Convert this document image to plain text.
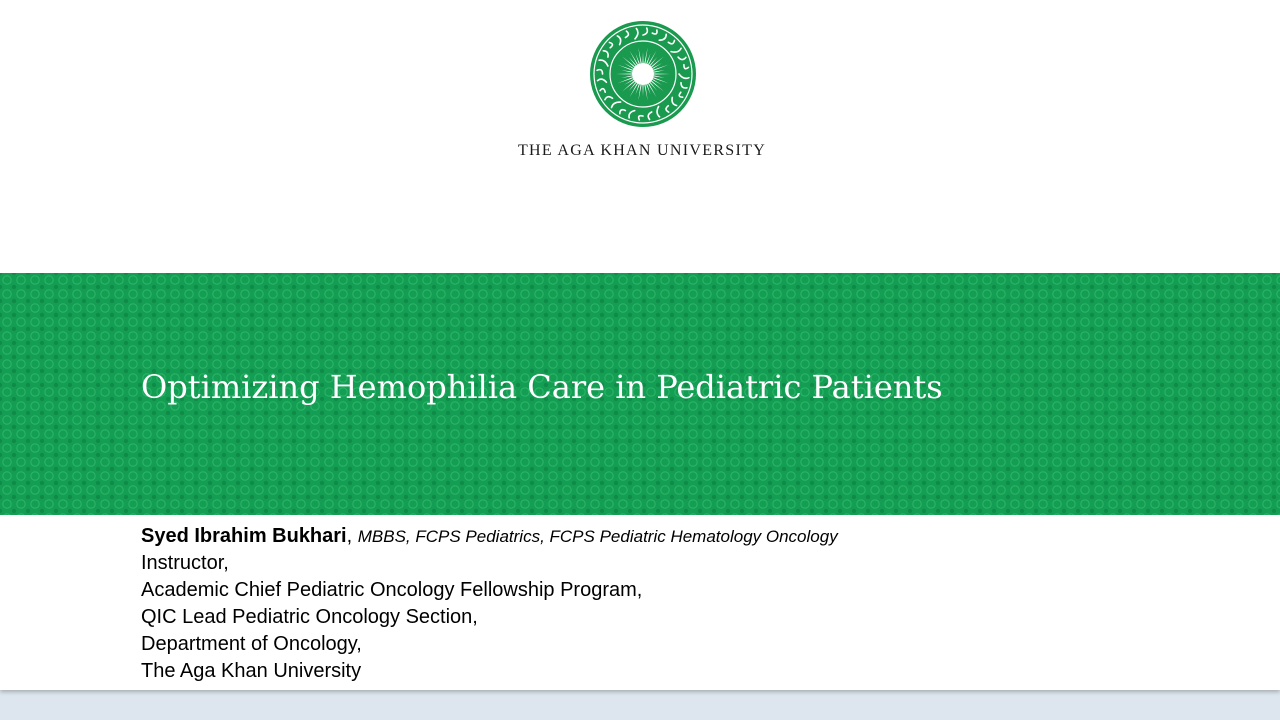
THE AGA KHAN UNIVERSITY
Optimizing Hemophilia Care in Pediatric Patients
Syed Ibrahim Bukhari, MBBS, FCPS Pediatrics, FCPS Pediatric Hematology Oncology
Instructor,
Academic Chief Pediatric Oncology Fellowship Program,
QIC Lead Pediatric Oncology Section,
Department of Oncology,
The Aga Khan University
